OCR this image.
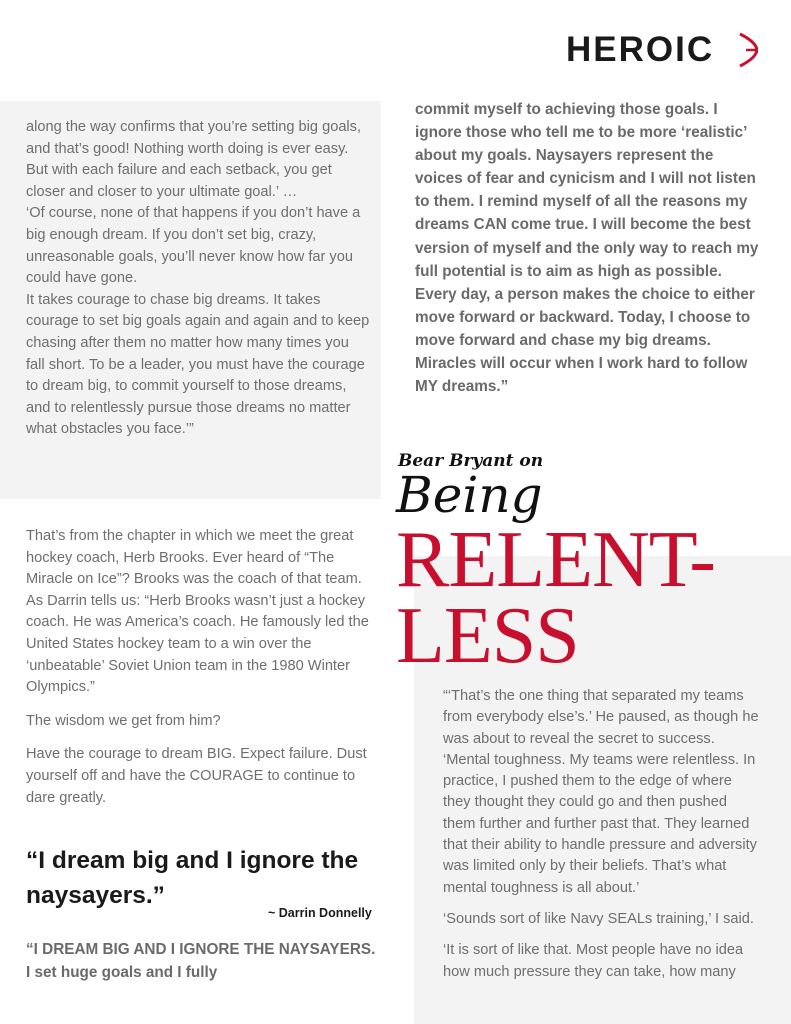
HEROIC

along the way confirms that you’re setting big goals, and that’s good! Nothing worth doing is ever easy. But with each failure and each setback, you get closer and closer to your ultimate goal.’ …

‘Of course, none of that happens if you don’t have a big enough dream. If you don’t set big, crazy, unreasonable goals, you’ll never know how far you could have gone.

It takes courage to chase big dreams. It takes courage to set big goals again and again and to keep chasing after them no matter how many times you fall short. To be a leader, you must have the courage to dream big, to commit yourself to those dreams, and to relentlessly pursue those dreams no matter what obstacles you face.’”

commit myself to achieving those goals. I ignore those who tell me to be more ‘realistic’ about my goals. Naysayers represent the voices of fear and cynicism and I will not listen to them. I remind myself of all the reasons my dreams CAN come true. I will become the best version of myself and the only way to reach my full potential is to aim as high as possible. Every day, a person makes the choice to either move forward or backward. Today, I choose to move forward and chase my big dreams. Miracles will occur when I work hard to follow MY dreams.”

Bear Bryant on
Being
RELENT-
LESS

That’s from the chapter in which we meet the great hockey coach, Herb Brooks. Ever heard of “The Miracle on Ice”? Brooks was the coach of that team. As Darrin tells us: “Herb Brooks wasn’t just a hockey coach. He was America’s coach. He famously led the United States hockey team to a win over the ‘unbeatable’ Soviet Union team in the 1980 Winter Olympics.”

The wisdom we get from him?

Have the courage to dream BIG. Expect failure. Dust yourself off and have the COURAGE to continue to dare greatly.

“I dream big and I ignore the naysayers.”

~ Darrin Donnelly

“I DREAM BIG AND I IGNORE THE NAYSAYERS. I set huge goals and I fully

“‘That’s the one thing that separated my teams from everybody else’s.’ He paused, as though he was about to reveal the secret to success. ‘Mental toughness. My teams were relentless. In practice, I pushed them to the edge of where they thought they could go and then pushed them further and further past that. They learned that their ability to handle pressure and adversity was limited only by their beliefs. That’s what mental toughness is all about.’

‘Sounds sort of like Navy SEALs training,’ I said.

‘It is sort of like that. Most people have no idea how much pressure they can take, how many
